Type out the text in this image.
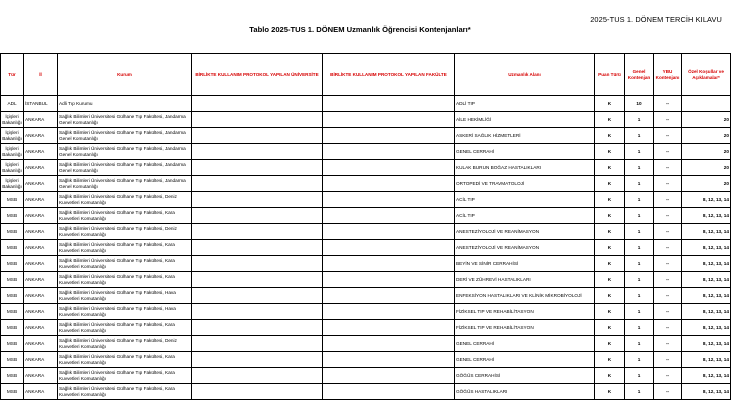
2025-TUS 1. DÖNEM TERCİH KILAVU
Tablo 2025-TUS 1. DÖNEM Uzmanlık Öğrencisi Kontenjanları*
Tür	İl	Kurum	BİRLİKTE KULLANIM PROTOKOL YAPILAN ÜNİVERSİTE	BİRLİKTE KULLANIM PROTOKOL YAPILAN FAKÜLTE	Uzmanlık Alanı	Puan Türü	Genel Kontenjan	YBU Kontenjanı	Özel Koşullar ve Açıklamalar*
ADL	İSTANBUL	Adli Tıp Kurumu			ADLİ TIP	K	10	--	
İçişleri Bakanlığı	ANKARA	Sağlık Bilimleri Üniversitesi Gülhane Tıp Fakültesi, Jandarma Genel Komutanlığı			AİLE HEKİMLİĞİ	K	1	--	20
İçişleri Bakanlığı	ANKARA	Sağlık Bilimleri Üniversitesi Gülhane Tıp Fakültesi, Jandarma Genel Komutanlığı			ASKERİ SAĞLIK HİZMETLERİ	K	1	--	20
İçişleri Bakanlığı	ANKARA	Sağlık Bilimleri Üniversitesi Gülhane Tıp Fakültesi, Jandarma Genel Komutanlığı			GENEL CERRAHİ	K	1	--	20
İçişleri Bakanlığı	ANKARA	Sağlık Bilimleri Üniversitesi Gülhane Tıp Fakültesi, Jandarma Genel Komutanlığı			KULAK BURUN BOĞAZ HASTALIKLARI	K	1	--	20
İçişleri Bakanlığı	ANKARA	Sağlık Bilimleri Üniversitesi Gülhane Tıp Fakültesi, Jandarma Genel Komutanlığı			ORTOPEDİ VE TRAVMATOLOJİ	K	1	--	20
MSB	ANKARA	Sağlık Bilimleri Üniversitesi Gülhane Tıp Fakültesi, Deniz Kuvvetleri Komutanlığı			ACİL TIP	K	1	--	8, 12, 13, 14
MSB	ANKARA	Sağlık Bilimleri Üniversitesi Gülhane Tıp Fakültesi, Kara Kuvvetleri Komutanlığı			ACİL TIP	K	1	--	8, 12, 13, 14
MSB	ANKARA	Sağlık Bilimleri Üniversitesi Gülhane Tıp Fakültesi, Deniz Kuvvetleri Komutanlığı			ANESTEZİYOLOJİ VE REANİMASYON	K	1	--	8, 12, 13, 14
MSB	ANKARA	Sağlık Bilimleri Üniversitesi Gülhane Tıp Fakültesi, Kara Kuvvetleri Komutanlığı			ANESTEZİYOLOJİ VE REANİMASYON	K	1	--	8, 12, 13, 14
MSB	ANKARA	Sağlık Bilimleri Üniversitesi Gülhane Tıp Fakültesi, Kara Kuvvetleri Komutanlığı			BEYİN VE SİNİR CERRAHİSİ	K	1	--	8, 12, 13, 14
MSB	ANKARA	Sağlık Bilimleri Üniversitesi Gülhane Tıp Fakültesi, Kara Kuvvetleri Komutanlığı			DERİ VE ZÜHREVİ HASTALIKLARI	K	1	--	8, 12, 13, 14
MSB	ANKARA	Sağlık Bilimleri Üniversitesi Gülhane Tıp Fakültesi, Hava Kuvvetleri Komutanlığı			ENFEKSİYON HASTALIKLARI VE KLİNİK MİKROBİYOLOJİ	K	1	--	8, 12, 13, 14
MSB	ANKARA	Sağlık Bilimleri Üniversitesi Gülhane Tıp Fakültesi, Hava Kuvvetleri Komutanlığı			FİZİKSEL TIP VE REHABİLİTASYON	K	1	--	8, 12, 13, 14
MSB	ANKARA	Sağlık Bilimleri Üniversitesi Gülhane Tıp Fakültesi, Kara Kuvvetleri Komutanlığı			FİZİKSEL TIP VE REHABİLİTASYON	K	1	--	8, 12, 13, 14
MSB	ANKARA	Sağlık Bilimleri Üniversitesi Gülhane Tıp Fakültesi, Deniz Kuvvetleri Komutanlığı			GENEL CERRAHİ	K	1	--	8, 12, 13, 14
MSB	ANKARA	Sağlık Bilimleri Üniversitesi Gülhane Tıp Fakültesi, Kara Kuvvetleri Komutanlığı			GENEL CERRAHİ	K	1	--	8, 12, 13, 14
MSB	ANKARA	Sağlık Bilimleri Üniversitesi Gülhane Tıp Fakültesi, Kara Kuvvetleri Komutanlığı			GÖĞÜS CERRAHİSİ	K	1	--	8, 12, 13, 14
MSB	ANKARA	Sağlık Bilimleri Üniversitesi Gülhane Tıp Fakültesi, Kara Kuvvetleri Komutanlığı			GÖĞÜS HASTALIKLARI	K	1	--	8, 12, 13, 14
